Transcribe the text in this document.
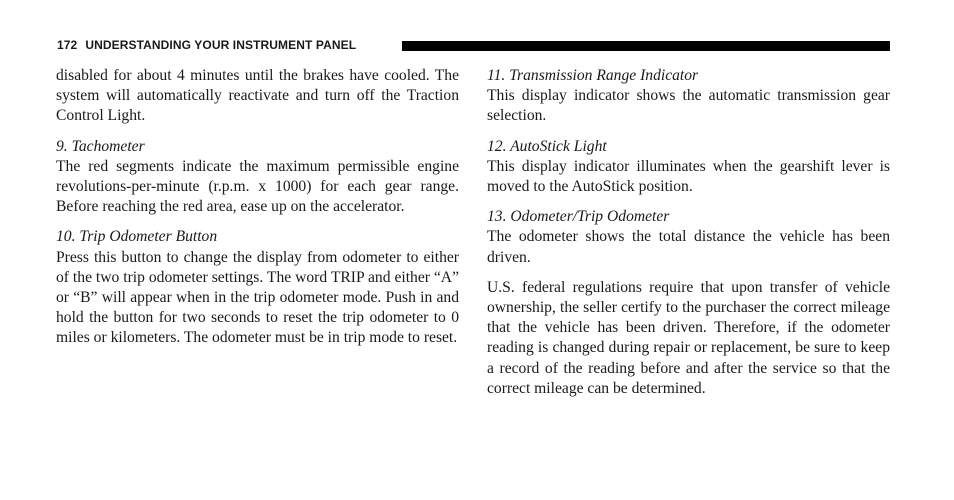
172 UNDERSTANDING YOUR INSTRUMENT PANEL

disabled for about 4 minutes until the brakes have cooled. The system will automatically reactivate and turn off the Traction Control Light.

9. Tachometer

The red segments indicate the maximum permissible engine revolutions-per-minute (r.p.m. x 1000) for each gear range. Before reaching the red area, ease up on the accelerator.

10. Trip Odometer Button

Press this button to change the display from odometer to either of the two trip odometer settings. The word TRIP and either “A” or “B” will appear when in the trip odometer mode. Push in and hold the button for two seconds to reset the trip odometer to 0 miles or kilometers. The odometer must be in trip mode to reset.

11. Transmission Range Indicator

This display indicator shows the automatic transmission gear selection.

12. AutoStick Light

This display indicator illuminates when the gearshift lever is moved to the AutoStick position.

13. Odometer/Trip Odometer

The odometer shows the total distance the vehicle has been driven.

U.S. federal regulations require that upon transfer of vehicle ownership, the seller certify to the purchaser the correct mileage that the vehicle has been driven. Therefore, if the odometer reading is changed during repair or replacement, be sure to keep a record of the reading before and after the service so that the correct mileage can be determined.
